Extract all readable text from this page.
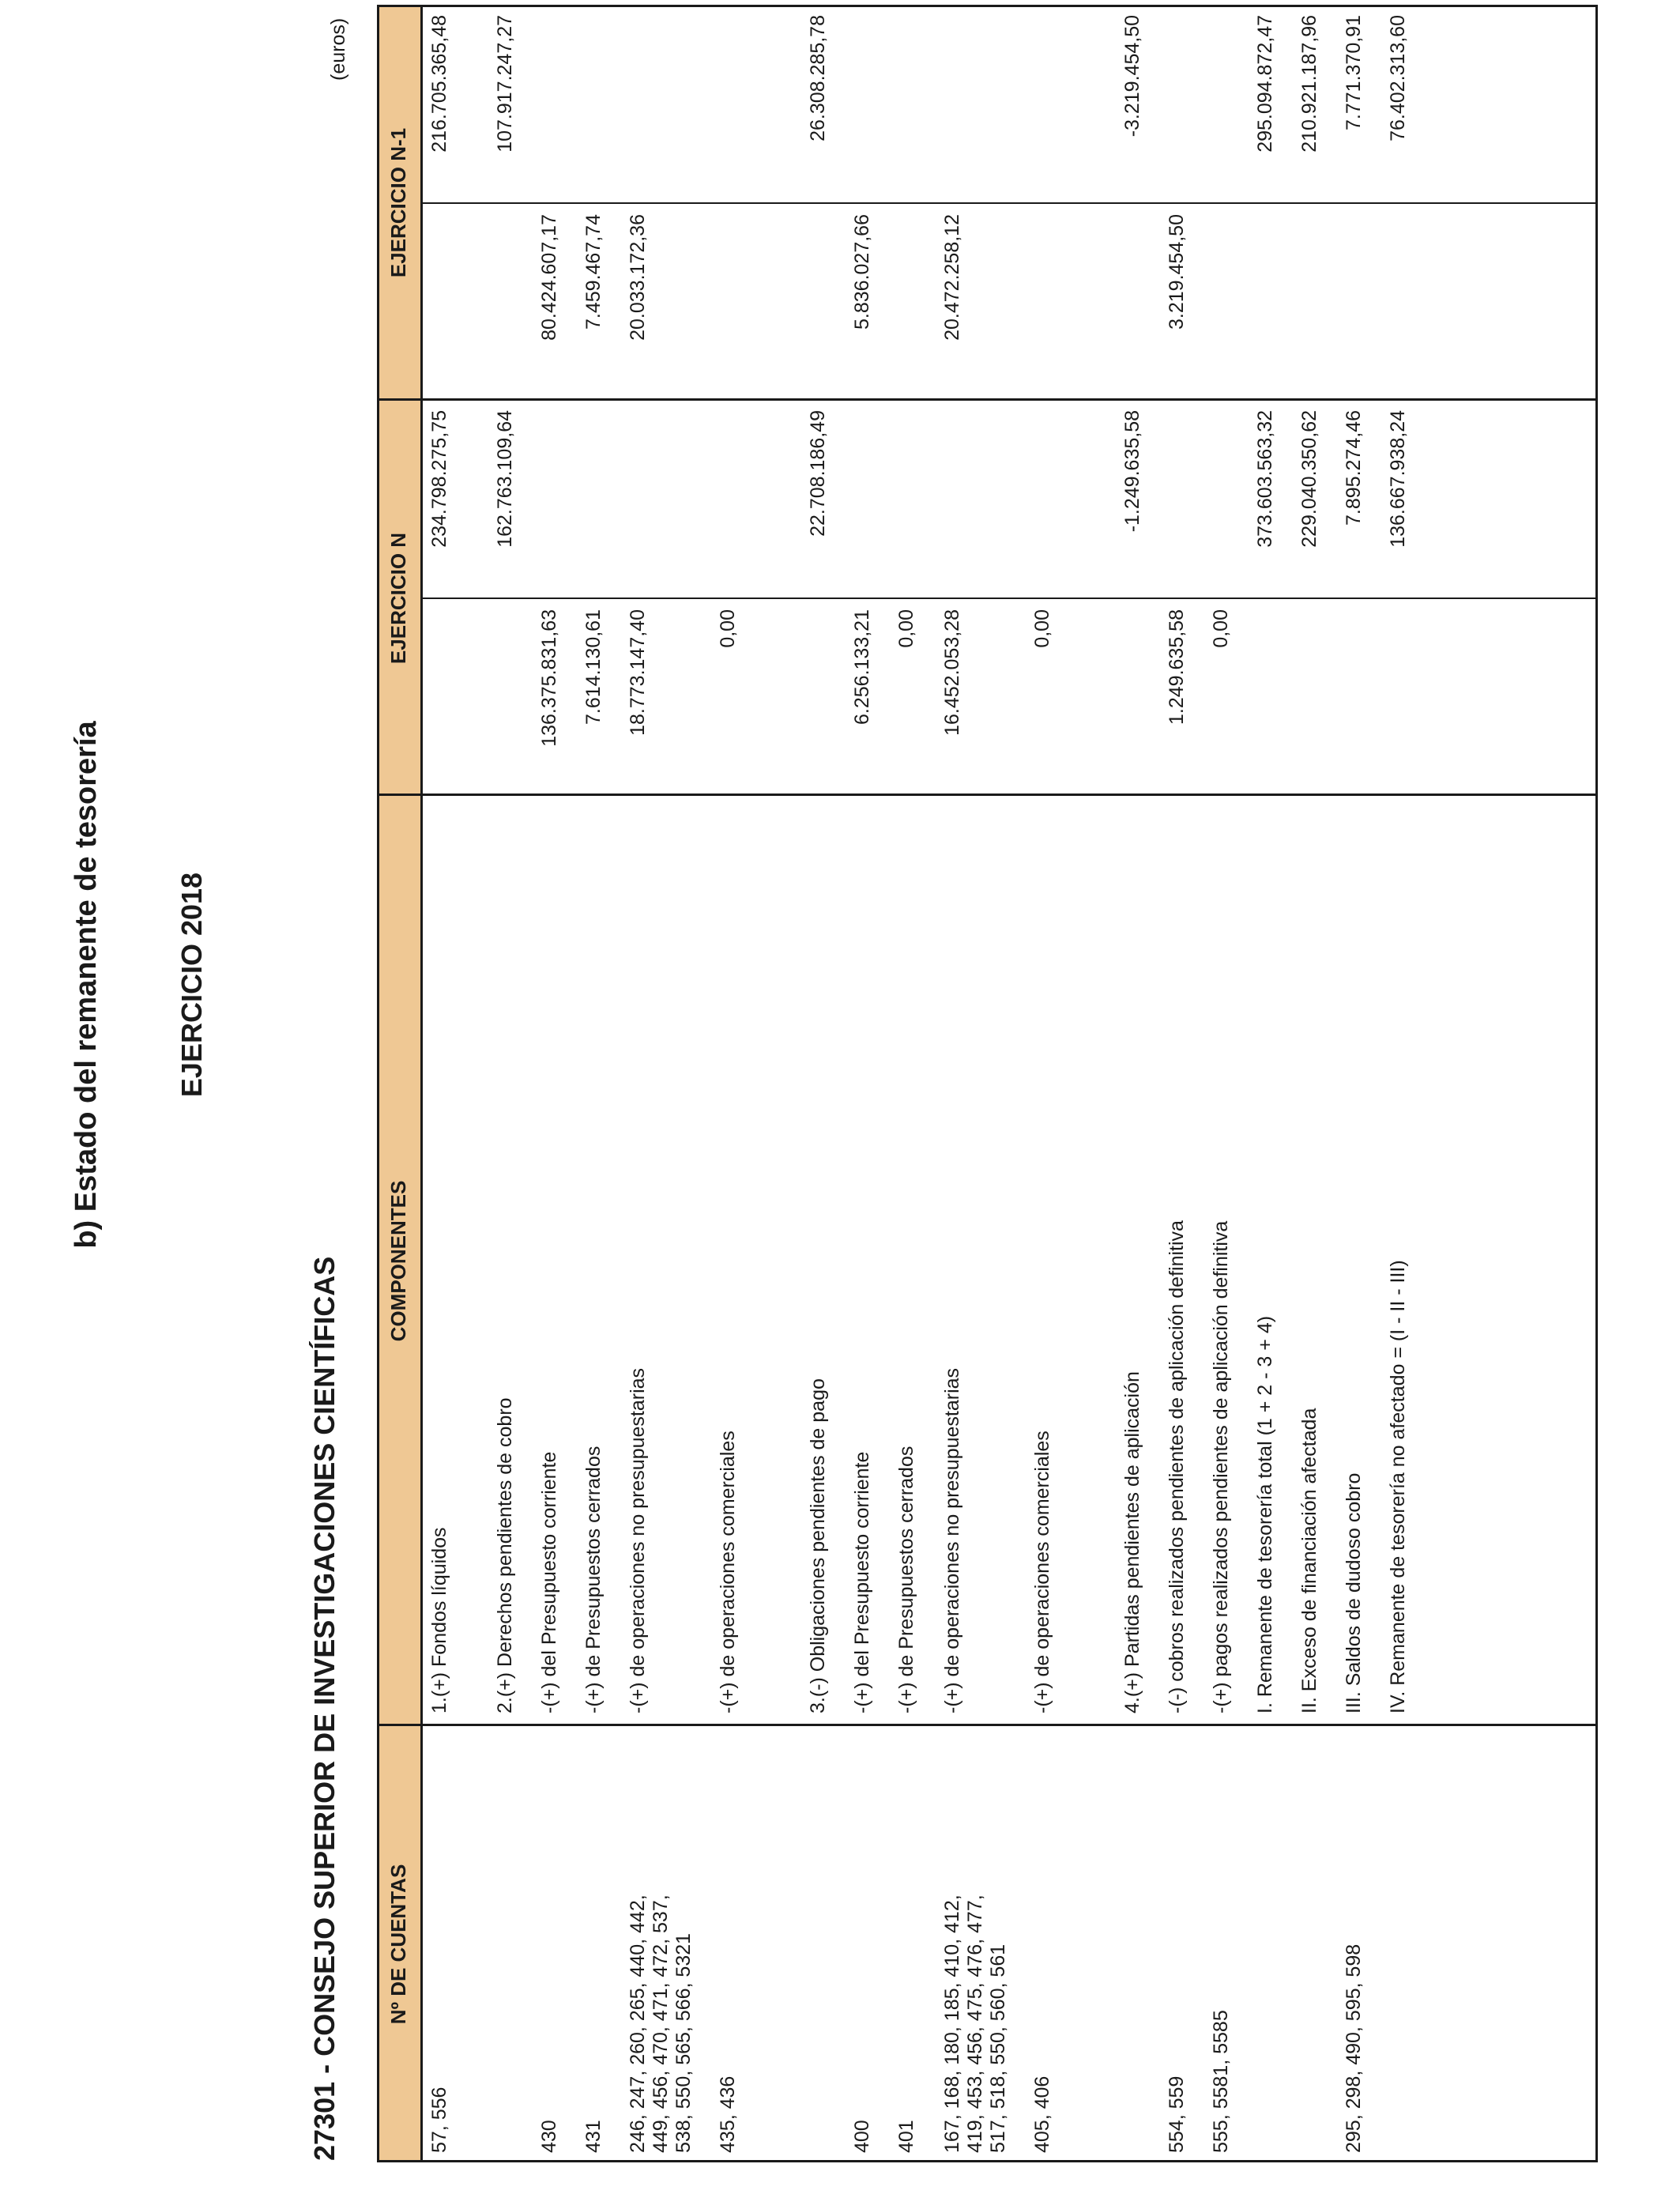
b) Estado del remanente de tesorería	EJERCICIO 2018
27301 - CONSEJO SUPERIOR DE INVESTIGACIONES CIENTÍFICAS
(euros)
Nº DE CUENTAS
COMPONENTES
EJERCICIO N
EJERCICIO N-1
57, 556
1.(+) Fondos líquidos
234.798.275,75
216.705.365,48
2.(+) Derechos pendientes de cobro
162.763.109,64
107.917.247,27
430
-(+) del Presupuesto corriente
136.375.831,63
80.424.607,17
431
-(+) de Presupuestos cerrados
7.614.130,61
7.459.467,74
246, 247, 260, 265, 440, 442, 449, 456, 470, 471, 472, 537, 538, 550, 565, 566, 5321
-(+) de operaciones no presupuestarias
18.773.147,40
20.033.172,36
435, 436
-(+) de operaciones comerciales
0,00
3.(-) Obligaciones pendientes de pago
22.708.186,49
26.308.285,78
400
-(+) del Presupuesto corriente
6.256.133,21
5.836.027,66
401
-(+) de Presupuestos cerrados
0,00
167, 168, 180, 185, 410, 412, 419, 453, 456, 475, 476, 477, 517, 518, 550, 560, 561
-(+) de operaciones no presupuestarias
16.452.053,28
20.472.258,12
405, 406
-(+) de operaciones comerciales
0,00
4.(+) Partidas pendientes de aplicación
-1.249.635,58
-3.219.454,50
554, 559
-(-) cobros realizados pendientes de aplicación definitiva
1.249.635,58
3.219.454,50
555, 5581, 5585
-(+) pagos realizados pendientes de aplicación definitiva
0,00
I. Remanente de tesorería total (1 + 2 - 3 + 4)
373.603.563,32
295.094.872,47
II. Exceso de financiación afectada
229.040.350,62
210.921.187,96
295, 298, 490, 595, 598
III. Saldos de dudoso cobro
7.895.274,46
7.771.370,91
IV. Remanente de tesorería no afectado = (I - II - III)
136.667.938,24
76.402.313,60
